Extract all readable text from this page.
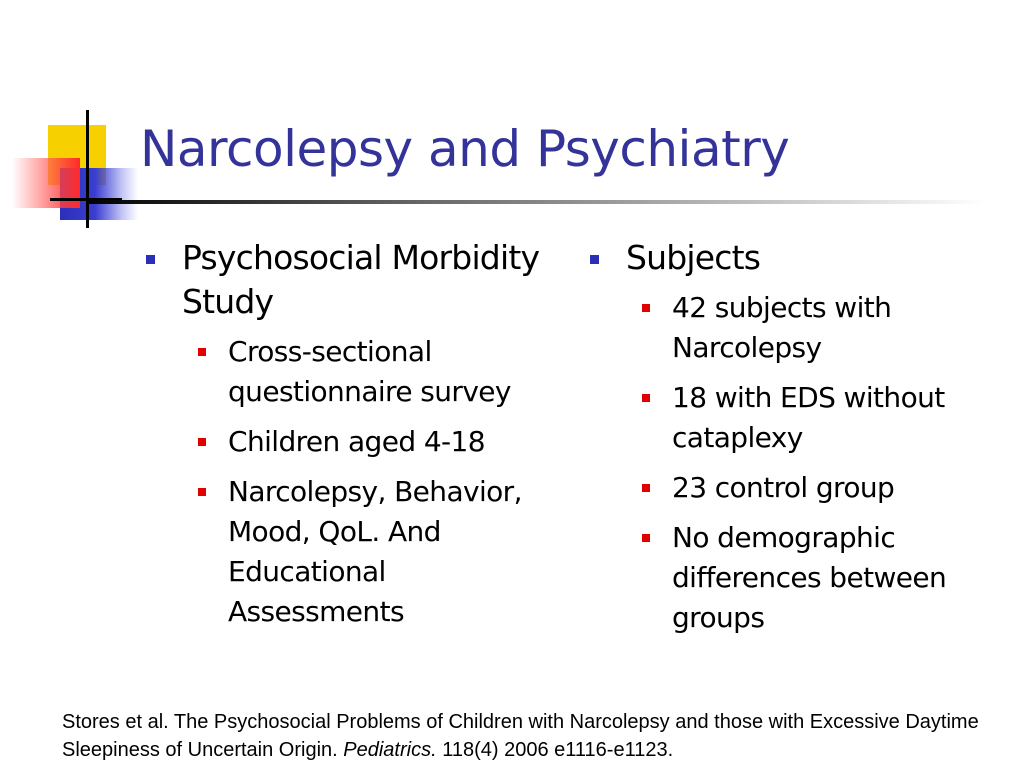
Narcolepsy and Psychiatry
Psychosocial Morbidity Study
Cross-sectional questionnaire survey
Children aged 4-18
Narcolepsy, Behavior, Mood, QoL. And Educational Assessments
Subjects
42 subjects with Narcolepsy
18 with EDS without cataplexy
23 control group
No demographic differences between groups
Stores et al. The Psychosocial Problems of Children with Narcolepsy and those with Excessive Daytime Sleepiness of Uncertain Origin. Pediatrics. 118(4) 2006 e1116-e1123.
